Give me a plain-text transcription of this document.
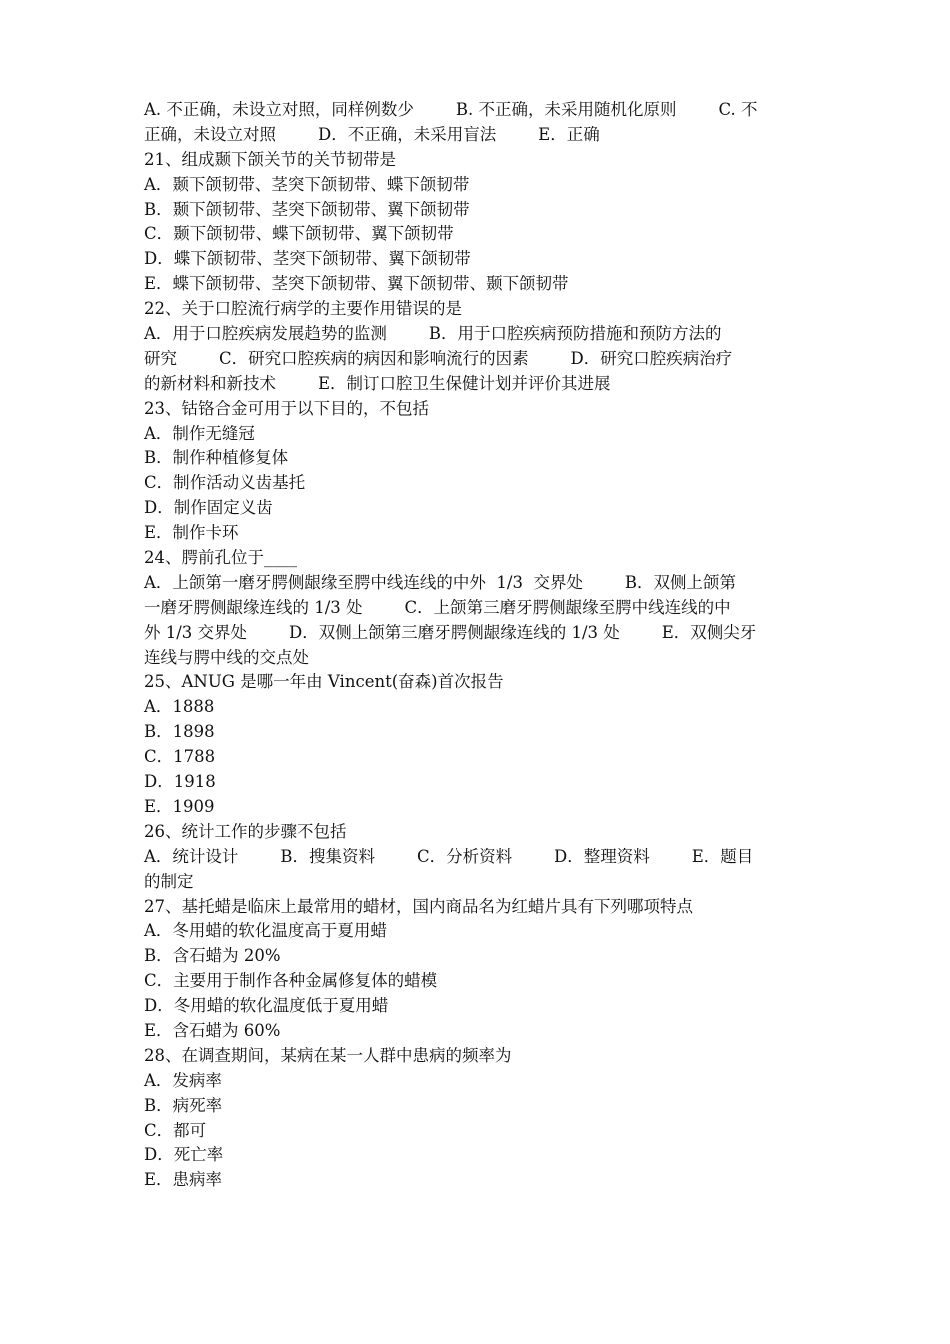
A. 不正确，未设立对照，同样例数少        B. 不正确，未采用随机化原则        C. 不
正确，未设立对照        D．不正确，未采用盲法        E．正确
21、组成颞下颌关节的关节韧带是
A．颞下颌韧带、茎突下颌韧带、蝶下颌韧带
B．颞下颌韧带、茎突下颌韧带、翼下颌韧带
C．颞下颌韧带、蝶下颌韧带、翼下颌韧带
D．蝶下颌韧带、茎突下颌韧带、翼下颌韧带
E．蝶下颌韧带、茎突下颌韧带、翼下颌韧带、颞下颌韧带
22、关于口腔流行病学的主要作用错误的是
A．用于口腔疾病发展趋势的监测        B．用于口腔疾病预防措施和预防方法的
研究        C．研究口腔疾病的病因和影响流行的因素        D．研究口腔疾病治疗
的新材料和新技术        E．制订口腔卫生保健计划并评价其进展
23、钴铬合金可用于以下目的，不包括
A．制作无缝冠
B．制作种植修复体
C．制作活动义齿基托
D．制作固定义齿
E．制作卡环
24、腭前孔位于____
A．上颌第一磨牙腭侧龈缘至腭中线连线的中外  1/3  交界处        B．双侧上颌第
一磨牙腭侧龈缘连线的 1/3 处        C．上颌第三磨牙腭侧龈缘至腭中线连线的中
外 1/3 交界处        D．双侧上颌第三磨牙腭侧龈缘连线的 1/3 处        E．双侧尖牙
连线与腭中线的交点处
25、ANUG 是哪一年由 Vincent(奋森)首次报告
A．1888
B．1898
C．1788
D．1918
E．1909
26、统计工作的步骤不包括
A．统计设计        B．搜集资料        C．分析资料        D．整理资料        E．题目
的制定
27、基托蜡是临床上最常用的蜡材，国内商品名为红蜡片具有下列哪项特点
A．冬用蜡的软化温度高于夏用蜡
B．含石蜡为 20%
C．主要用于制作各种金属修复体的蜡模
D．冬用蜡的软化温度低于夏用蜡
E．含石蜡为 60%
28、在调查期间，某病在某一人群中患病的频率为
A．发病率
B．病死率
C．都可
D．死亡率
E．患病率
